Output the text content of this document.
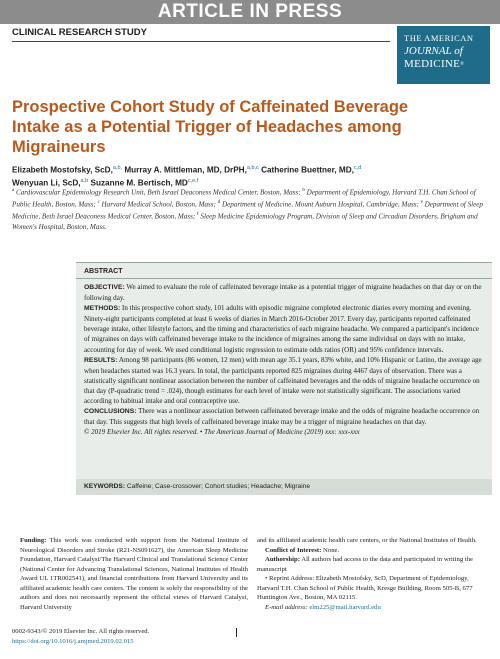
ARTICLE IN PRESS
CLINICAL RESEARCH STUDY	THE AMERICAN
JOURNAL of
MEDICINE®
Prospective Cohort Study of Caffeinated Beverage Intake as a Potential Trigger of Headaches among Migraineurs
Elizabeth Mostofsky, ScD,$^{a,b,}$ Murray A. Mittleman, MD, DrPH,$^{a,b,c}$ Catherine Buettner, MD,$^{c,d}$
Wenyuan Li, ScD,$^{a,b}$ Suzanne M. Bertisch, MD$^{c,e,f}$
$^a$ Cardiovascular Epidemiology Research Unit, Beth Israel Deaconess Medical Center, Boston, Mass; $^b$ Department of Epidemiology, Harvard T.H. Chan School of Public Health, Boston, Mass; $^c$ Harvard Medical School, Boston, Mass; $^d$ Department of Medicine, Mount Auburn Hospital, Cambridge, Mass; $^e$ Department of Sleep Medicine, Beth Israel Deaconess Medical Center, Boston, Mass; $^f$ Sleep Medicine Epidemiology Program, Division of Sleep and Circadian Disorders, Brigham and Women's Hospital, Boston, Mass.
ABSTRACT

OBJECTIVE: We aimed to evaluate the role of caffeinated beverage intake as a potential trigger of migraine headaches on that day or on the following day.

METHODS: In this prospective cohort study, 101 adults with episodic migraine completed electronic diaries every morning and evening. Ninety-eight participants completed at least 6 weeks of diaries in March 2016-October 2017. Every day, participants reported caffeinated beverage intake, other lifestyle factors, and the timing and characteristics of each migraine headache. We compared a participant's incidence of migraines on days with caffeinated beverage intake to the incidence of migraines among the same individual on days with no intake, accounting for day of week. We used conditional logistic regression to estimate odds ratios (OR) and 95% confidence intervals.

RESULTS: Among 98 participants (86 women, 12 men) with mean age 35.1 years, 83% white, and 10% Hispanic or Latino, the average age when headaches started was 16.3 years. In total, the participants reported 825 migraines during 4467 days of observation. There was a statistically significant nonlinear association between the number of caffeinated beverages and the odds of migraine headache occurrence on that day (P-quadratic trend = .024), though estimates for each level of intake were not statistically significant. The associations varied according to habitual intake and oral contraceptive use.

CONCLUSIONS: There was a nonlinear association between caffeinated beverage intake and the odds of migraine headache occurrence on that day. This suggests that high levels of caffeinated beverage intake may be a trigger of migraine headaches on that day.

© 2019 Elsevier Inc. All rights reserved. • The American Journal of Medicine (2019) xxx: xxx-xxx

KEYWORDS: Caffeine; Case-crossover; Cohort studies; Headache; Migraine

Funding: This work was conducted with support from the National Institute of Neurological Disorders and Stroke (R21-NS091627), the American Sleep Medicine Foundation, Harvard Catalyst/The Harvard Clinical and Translational Science Center (National Center for Advancing Translational Sciences, National Institutes of Health Award UL 1TR002541), and financial contributions from Harvard University and its affiliated academic health care centers. The content is solely the responsibility of the authors and does not necessarily represent the official views of Harvard Catalyst, Harvard University

and its affiliated academic health care centers, or the National Institutes of Health.

Conflict of Interest: None.

Authorship: All authors had access to the data and participated in writing the manuscript

• Reprint Address: Elizabeth Mostofsky, ScD, Department of Epidemiology, Harvard T.H. Chan School of Public Health, Kresge Building, Room 505-B, 677 Huntington Ave., Boston, MA 02115.

E-mail address: elm225@mail.harvard.edu

0002-9343/© 2019 Elsevier Inc. All rights reserved.
https://doi.org/10.1016/j.amjmed.2019.02.015
